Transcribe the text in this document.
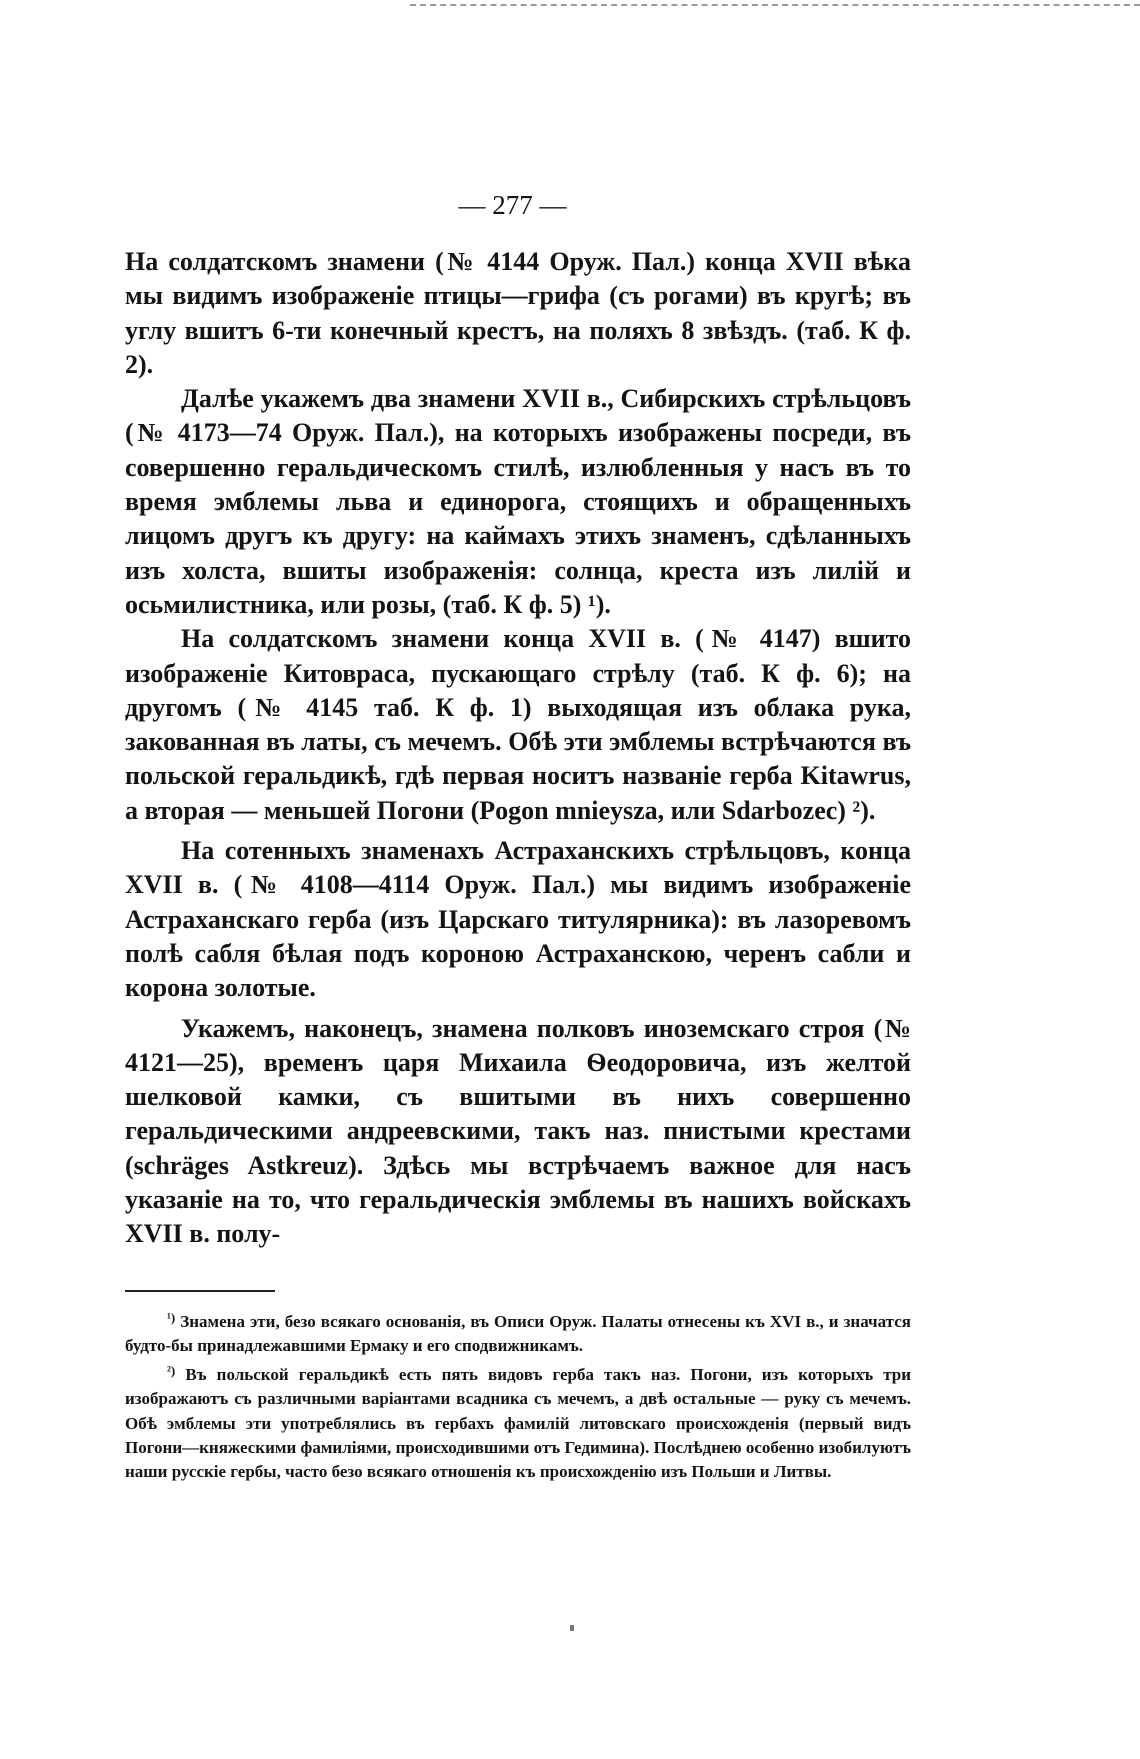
— 277 —

На солдатскомъ знамени (№ 4144 Оруж. Пал.) конца XVII вѣка мы видимъ изображеніе птицы—грифа (съ рогами) въ кругѣ; въ углу вшитъ 6-ти конечный крестъ, на поляхъ 8 звѣздъ. (таб. К ф. 2).

Далѣе укажемъ два знамени XVII в., Сибирскихъ стрѣльцовъ (№ 4173—74 Оруж. Пал.), на которыхъ изображены посреди, въ совершенно геральдическомъ стилѣ, излюбленныя у насъ въ то время эмблемы льва и единорога, стоящихъ и обращенныхъ лицомъ другъ къ другу: на каймахъ этихъ знаменъ, сдѣланныхъ изъ холста, вшиты изображенія: солнца, креста изъ лилій и осьмилистника, или розы, (таб. К ф. 5) ¹).

На солдатскомъ знамени конца XVII в. (№ 4147) вшито изображеніе Китовраса, пускающаго стрѣлу (таб. К ф. 6); на другомъ (№ 4145 таб. К ф. 1) выходящая изъ облака рука, закованная въ латы, съ мечемъ. Обѣ эти эмблемы встрѣчаются въ польской геральдикѣ, гдѣ первая носитъ названіе герба Kitawrus, а вторая — меньшей Погони (Pogon mnieysza, или Sdarbozec) ²).

На сотенныхъ знаменахъ Астраханскихъ стрѣльцовъ, конца XVII в. (№ 4108—4114 Оруж. Пал.) мы видимъ изображеніе Астраханскаго герба (изъ Царскаго титулярника): въ лазоревомъ полѣ сабля бѣлая подъ короною Астраханскою, черенъ сабли и корона золотые.

Укажемъ, наконецъ, знамена полковъ иноземскаго строя (№ 4121—25), временъ царя Михаила Ѳеодоровича, изъ желтой шелковой камки, съ вшитыми въ нихъ совершенно геральдическими андреевскими, такъ наз. пнистыми крестами (schräges Astkreuz). Здѣсь мы встрѣчаемъ важное для насъ указаніе на то, что геральдическія эмблемы въ нашихъ войскахъ XVII в. полу-

$^{^1)}$ Знамена эти, безо всякаго основанія, въ Описи Оруж. Палаты отнесены къ XVI в., и значатся будто-бы принадлежавшими Ермаку и его сподвижникамъ.

$^{^2)}$ Въ польской геральдикѣ есть пять видовъ герба такъ наз. Погони, изъ которыхъ три изображаютъ съ различными варіантами всадника съ мечемъ, а двѣ остальные — руку съ мечемъ. Обѣ эмблемы эти употреблялись въ гербахъ фамилій литовскаго происхожденія (первый видъ Погони—княжескими фамиліями, происходившими отъ Гедимина). Послѣднею особенно изобилуютъ наши русскіе гербы, часто безо всякаго отношенія къ происхожденію изъ Польши и Литвы.
